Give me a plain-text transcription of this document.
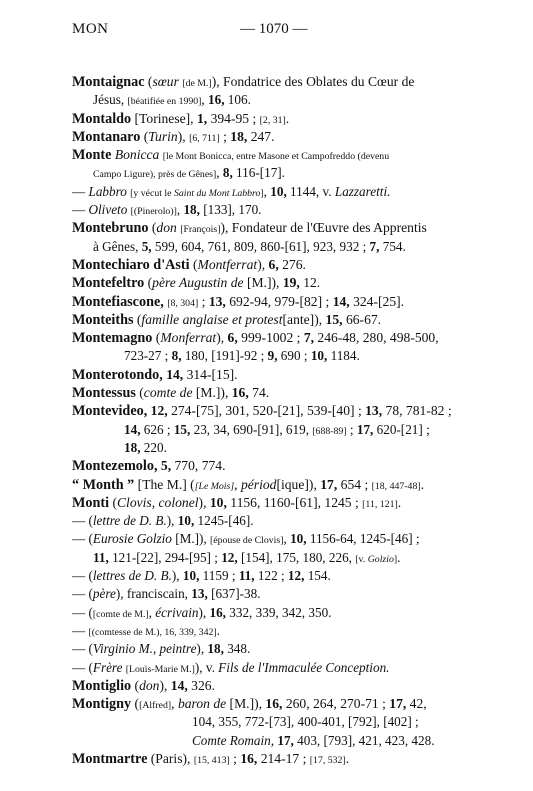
MON	— 1070 —
Montaignac (sœur [de M.]), Fondatrice des Oblates du Cœur de
Jésus, [béatifiée en 1990], 16, 106.
Montaldo [Torinese], 1, 394-95 ; [2, 31].
Montanaro (Turin), [6, 711] ; 18, 247.
Monte Bonicca [le Mont Bonicca, entre Masone et Campofreddo (devenu
Campo Ligure), près de Gênes], 8, 116-[17].
— Labbro [y vécut le Saint du Mont Labbro], 10, 1144, v. Lazzaretti.
— Oliveto [(Pinerolo)], 18, [133], 170.
Montebruno (don [François]), Fondateur de l'Œuvre des Apprentis
à Gênes, 5, 599, 604, 761, 809, 860-[61], 923, 932 ; 7, 754.
Montechiaro d'Asti (Montferrat), 6, 276.
Montefeltro (père Augustin de [M.]), 19, 12.
Montefiascone, [8, 304] ; 13, 692-94, 979-[82] ; 14, 324-[25].
Monteiths (famille anglaise et protest[ante]), 15, 66-67.
Montemagno (Monferrat), 6, 999-1002 ; 7, 246-48, 280, 498-500,
723-27 ; 8, 180, [191]-92 ; 9, 690 ; 10, 1184.
Monterotondo, 14, 314-[15].
Montessus (comte de [M.]), 16, 74.
Montevideo, 12, 274-[75], 301, 520-[21], 539-[40] ; 13, 78, 781-82 ;
14, 626 ; 15, 23, 34, 690-[91], 619, [688-89] ; 17, 620-[21] ;
18, 220.
Montezemolo, 5, 770, 774.
“ Month ” [The M.] ([Le Mois], périod[ique]), 17, 654 ; [18, 447-48].
Monti (Clovis, colonel), 10, 1156, 1160-[61], 1245 ; [11, 121].
— (lettre de D. B.), 10, 1245-[46].
— (Eurosie Golzio [M.]), [épouse de Clovis], 10, 1156-64, 1245-[46] ;
11, 121-[22], 294-[95] ; 12, [154], 175, 180, 226, [v. Golzio].
— (lettres de D. B.), 10, 1159 ; 11, 122 ; 12, 154.
— (père), franciscain, 13, [637]-38.
— ([comte de M.], écrivain), 16, 332, 339, 342, 350.
— [(comtesse de M.), 16, 339, 342].
— (Virginio M., peintre), 18, 348.
— (Frère [Louis-Marie M.]), v. Fils de l'Immaculée Conception.
Montiglio (don), 14, 326.
Montigny ([Alfred], baron de [M.]), 16, 260, 264, 270-71 ; 17, 42,
104, 355, 772-[73], 400-401, [792], [402] ;
Comte Romain, 17, 403, [793], 421, 423, 428.
Montmartre (Paris), [15, 413] ; 16, 214-17 ; [17, 532].
